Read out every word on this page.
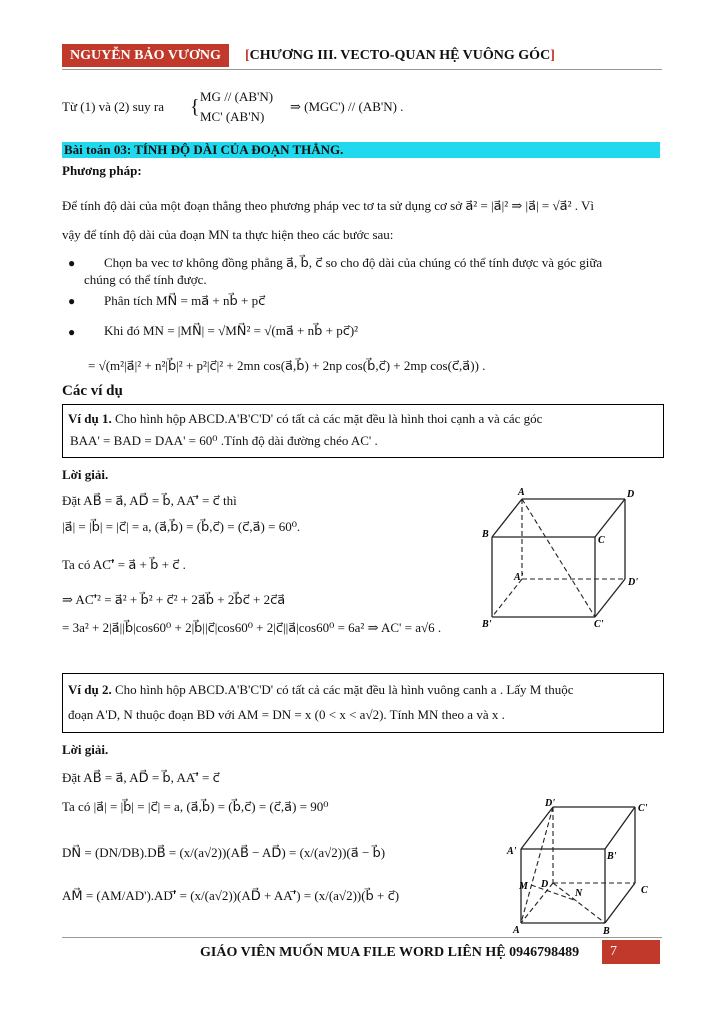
NGUYỄN BẢO VƯƠNG	[CHƯƠNG III. VECTO-QUAN HỆ VUÔNG GÓC]
Từ (1) và (2) suy ra { MG // (AB'N)
MC' (AB'N)
⇒ (MGC') // (AB'N) .
Bài toán 03: TÍNH ĐỘ DÀI CỦA ĐOẠN THẲNG.
Phương pháp:
Để tính độ dài của một đoạn thẳng theo phương pháp vec tơ ta sử dụng cơ sở a⃗² = |a⃗|² ⇒ |a⃗| = √a⃗² . Vì
vậy để tính độ dài của đoạn MN ta thực hiện theo các bước sau:
● Chọn ba vec tơ không đồng phẳng a⃗, b⃗, c⃗ so cho độ dài của chúng có thể tính được và góc giữa
chúng có thể tính được.
● Phân tích MN⃗ = ma⃗ + nb⃗ + pc⃗
● Khi đó MN = |MN⃗| = √MN⃗² = √(ma⃗ + nb⃗ + pc⃗)²
= √(m²|a⃗|² + n²|b⃗|² + p²|c⃗|² + 2mn cos(a⃗,b⃗) + 2np cos(b⃗,c⃗) + 2mp cos(c⃗,a⃗)) .
Các ví dụ
Ví dụ 1. Cho hình hộp ABCD.A'B'C'D' có tất cả các mặt đều là hình thoi cạnh a và các góc
BAA' = BAD = DAA' = 60⁰ .Tính độ dài đường chéo AC' .
Lời giải.
Đặt AB⃗ = a⃗, AD⃗ = b⃗, AA'⃗ = c⃗ thì
|a⃗| = |b⃗| = |c⃗| = a, (a⃗,b⃗) = (b⃗,c⃗) = (c⃗,a⃗) = 60⁰.
Ta có AC'⃗ = a⃗ + b⃗ + c⃗ .
⇒ AC'⃗² = a⃗² + b⃗² + c⃗² + 2a⃗b⃗ + 2b⃗c⃗ + 2c⃗a⃗
= 3a² + 2|a⃗||b⃗|cos60⁰ + 2|b⃗||c⃗|cos60⁰ + 2|c⃗||a⃗|cos60⁰ = 6a² ⇒ AC' = a√6 .
A	D
B
C
A'	D'
B'	C'
Ví dụ 2. Cho hình hộp ABCD.A'B'C'D' có tất cả các mặt đều là hình vuông canh a . Lấy M thuộc
đoạn A'D, N thuộc đoạn BD với AM = DN = x (0 < x < a√2). Tính MN theo a và x .
Lời giải.
Đặt AB⃗ = a⃗, AD⃗ = b⃗, AA'⃗ = c⃗
Ta có |a⃗| = |b⃗| = |c⃗| = a, (a⃗,b⃗) = (b⃗,c⃗) = (c⃗,a⃗) = 90⁰
DN⃗ = (DN/DB).DB⃗ = (x/(a√2))(AB⃗ − AD⃗) = (x/(a√2))(a⃗ − b⃗)
AM⃗ = (AM/AD').AD'⃗ = (x/(a√2))(AD⃗ + AA'⃗) = (x/(a√2))(b⃗ + c⃗)
D'	C'
A'	B'
M D
N	C
A	B
GIÁO VIÊN MUỐN MUA FILE WORD LIÊN HỆ 0946798489	7
